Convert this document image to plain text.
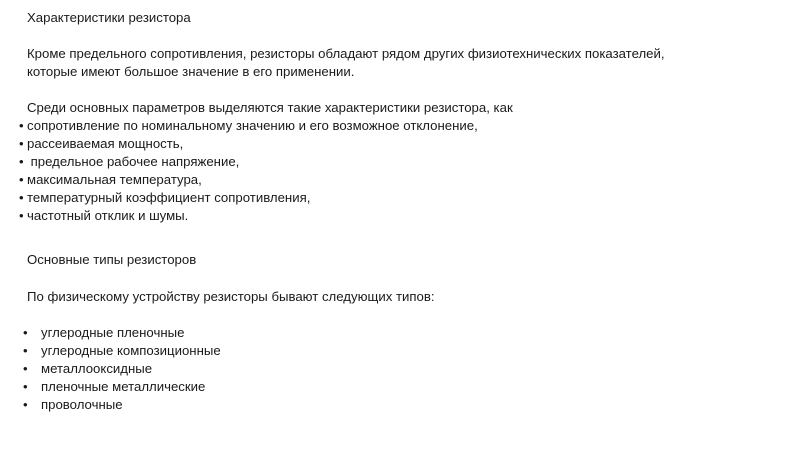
Характеристики резистора

Кроме предельного сопротивления, резисторы обладают рядом других физиотехнических показателей,

которые имеют большое значение в его применении.

Среди основных параметров выделяются такие характеристики резистора, как

• сопротивление по номинальному значению и его возможное отклонение,
• рассеиваемая мощность,
•  предельное рабочее напряжение,
• максимальная температура,
• температурный коэффициент сопротивления,
• частотный отклик и шумы.

Основные типы резисторов

По физическому устройству резисторы бывают следующих типов:

• углеродные пленочные
• углеродные композиционные
• металлооксидные
• пленочные металлические
• проволочные
